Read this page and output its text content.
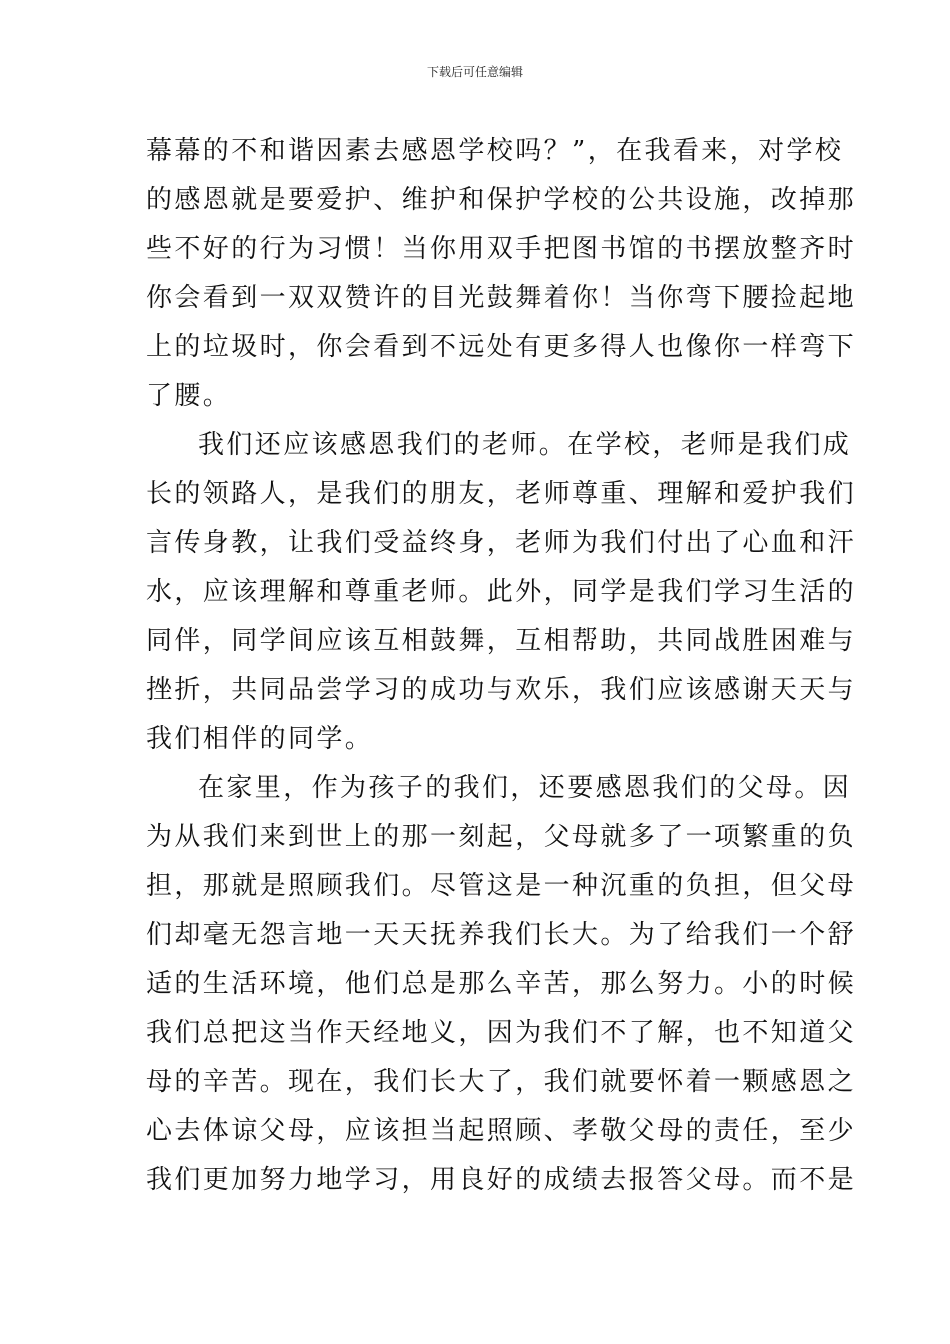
下载后可任意编辑

幕幕的不和谐因素去感恩学校吗？”，在我看来，对学校
的感恩就是要爱护、维护和保护学校的公共设施，改掉那
些不好的行为习惯！当你用双手把图书馆的书摆放整齐时
你会看到一双双赞许的目光鼓舞着你！当你弯下腰捡起地
上的垃圾时，你会看到不远处有更多得人也像你一样弯下
了腰。

我们还应该感恩我们的老师。在学校，老师是我们成
长的领路人，是我们的朋友，老师尊重、理解和爱护我们
言传身教，让我们受益终身，老师为我们付出了心血和汗
水，应该理解和尊重老师。此外，同学是我们学习生活的
同伴，同学间应该互相鼓舞，互相帮助，共同战胜困难与
挫折，共同品尝学习的成功与欢乐，我们应该感谢天天与
我们相伴的同学。

在家里，作为孩子的我们，还要感恩我们的父母。因
为从我们来到世上的那一刻起，父母就多了一项繁重的负
担，那就是照顾我们。尽管这是一种沉重的负担，但父母
们却毫无怨言地一天天抚养我们长大。为了给我们一个舒
适的生活环境，他们总是那么辛苦，那么努力。小的时候
我们总把这当作天经地义，因为我们不了解，也不知道父
母的辛苦。现在，我们长大了，我们就要怀着一颗感恩之
心去体谅父母，应该担当起照顾、孝敬父母的责任，至少
我们更加努力地学习，用良好的成绩去报答父母。而不是
